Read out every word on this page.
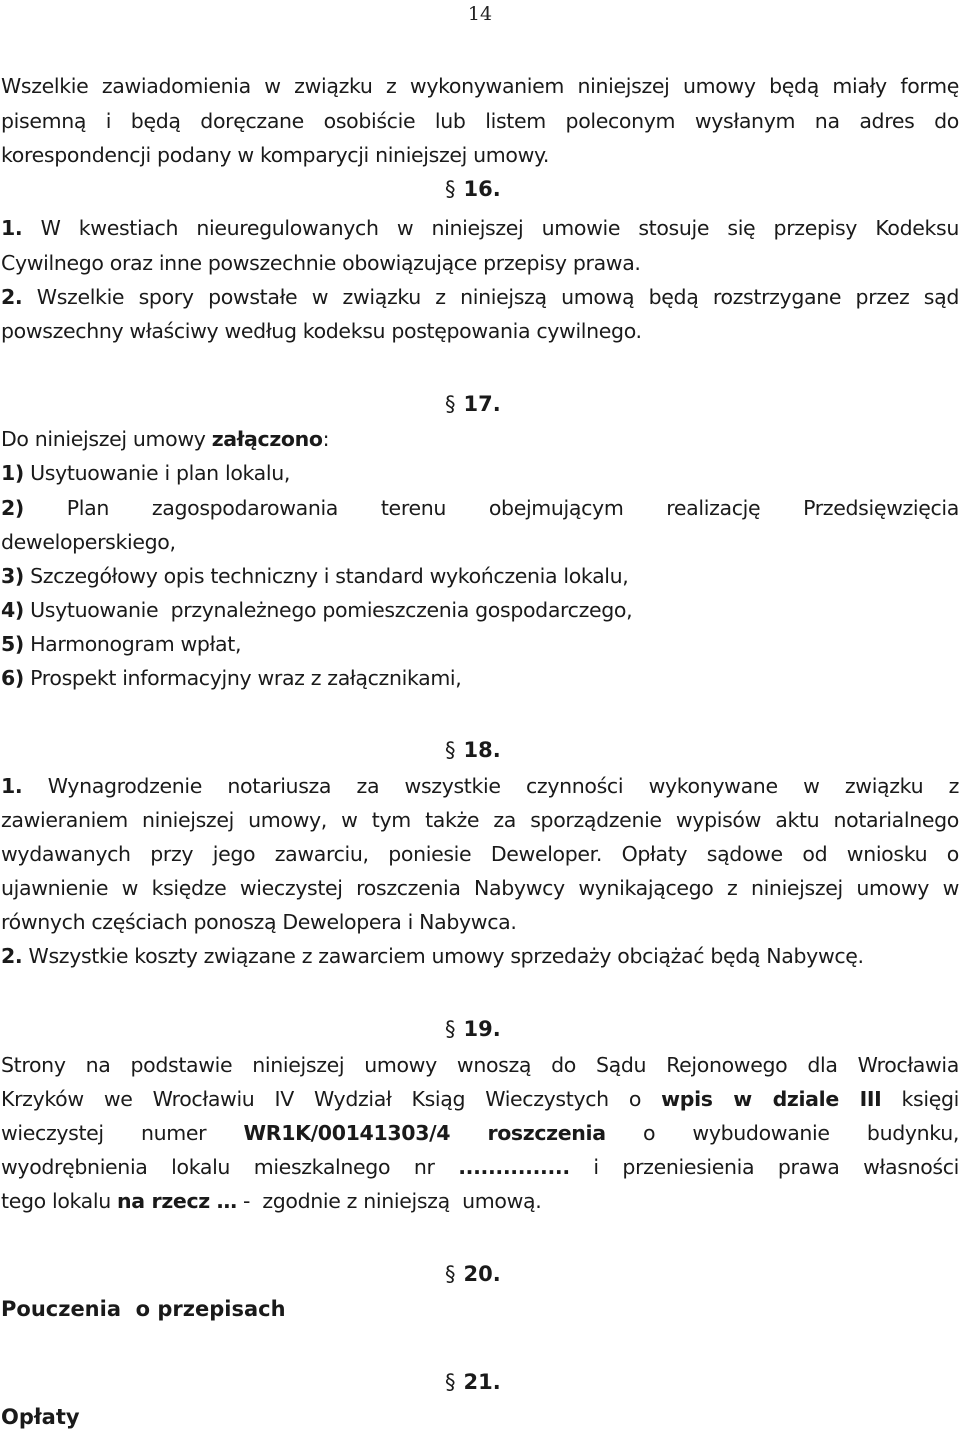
14
Wszelkie zawiadomienia w związku z wykonywaniem niniejszej umowy będą miały formę
pisemną i będą doręczane osobiście lub listem poleconym wysłanym na adres do
korespondencji podany w komparycji niniejszej umowy.
§ 16.
1. W kwestiach nieuregulowanych w niniejszej umowie stosuje się przepisy Kodeksu
Cywilnego oraz inne powszechnie obowiązujące przepisy prawa.
2. Wszelkie spory powstałe w związku z niniejszą umową będą rozstrzygane przez sąd
powszechny właściwy według kodeksu postępowania cywilnego.
§ 17.
Do niniejszej umowy załączono:
1) Usytuowanie i plan lokalu,
2) Plan zagospodarowania terenu obejmującym realizację Przedsięwzięcia
deweloperskiego,
3) Szczegółowy opis techniczny i standard wykończenia lokalu,
4) Usytuowanie  przynależnego pomieszczenia gospodarczego,
5) Harmonogram wpłat,
6) Prospekt informacyjny wraz z załącznikami,
§ 18.
1. Wynagrodzenie notariusza za wszystkie czynności wykonywane w związku z
zawieraniem niniejszej umowy, w tym także za sporządzenie wypisów aktu notarialnego
wydawanych przy jego zawarciu, poniesie Deweloper. Opłaty sądowe od wniosku o
ujawnienie w księdze wieczystej roszczenia Nabywcy wynikającego z niniejszej umowy w
równych częściach ponoszą Dewelopera i Nabywca.
2. Wszystkie koszty związane z zawarciem umowy sprzedaży obciążać będą Nabywcę.
§ 19.
Strony na podstawie niniejszej umowy wnoszą do Sądu Rejonowego dla Wrocławia
Krzyków we Wrocławiu IV Wydział Ksiąg Wieczystych o wpis w dziale III księgi
wieczystej numer WR1K/00141303/4 roszczenia o wybudowanie budynku,
wyodrębnienia lokalu mieszkalnego nr ............... i przeniesienia prawa własności
tego lokalu na rzecz … -  zgodnie z niniejszą  umową.
§ 20.
Pouczenia  o przepisach
§ 21.
Opłaty
